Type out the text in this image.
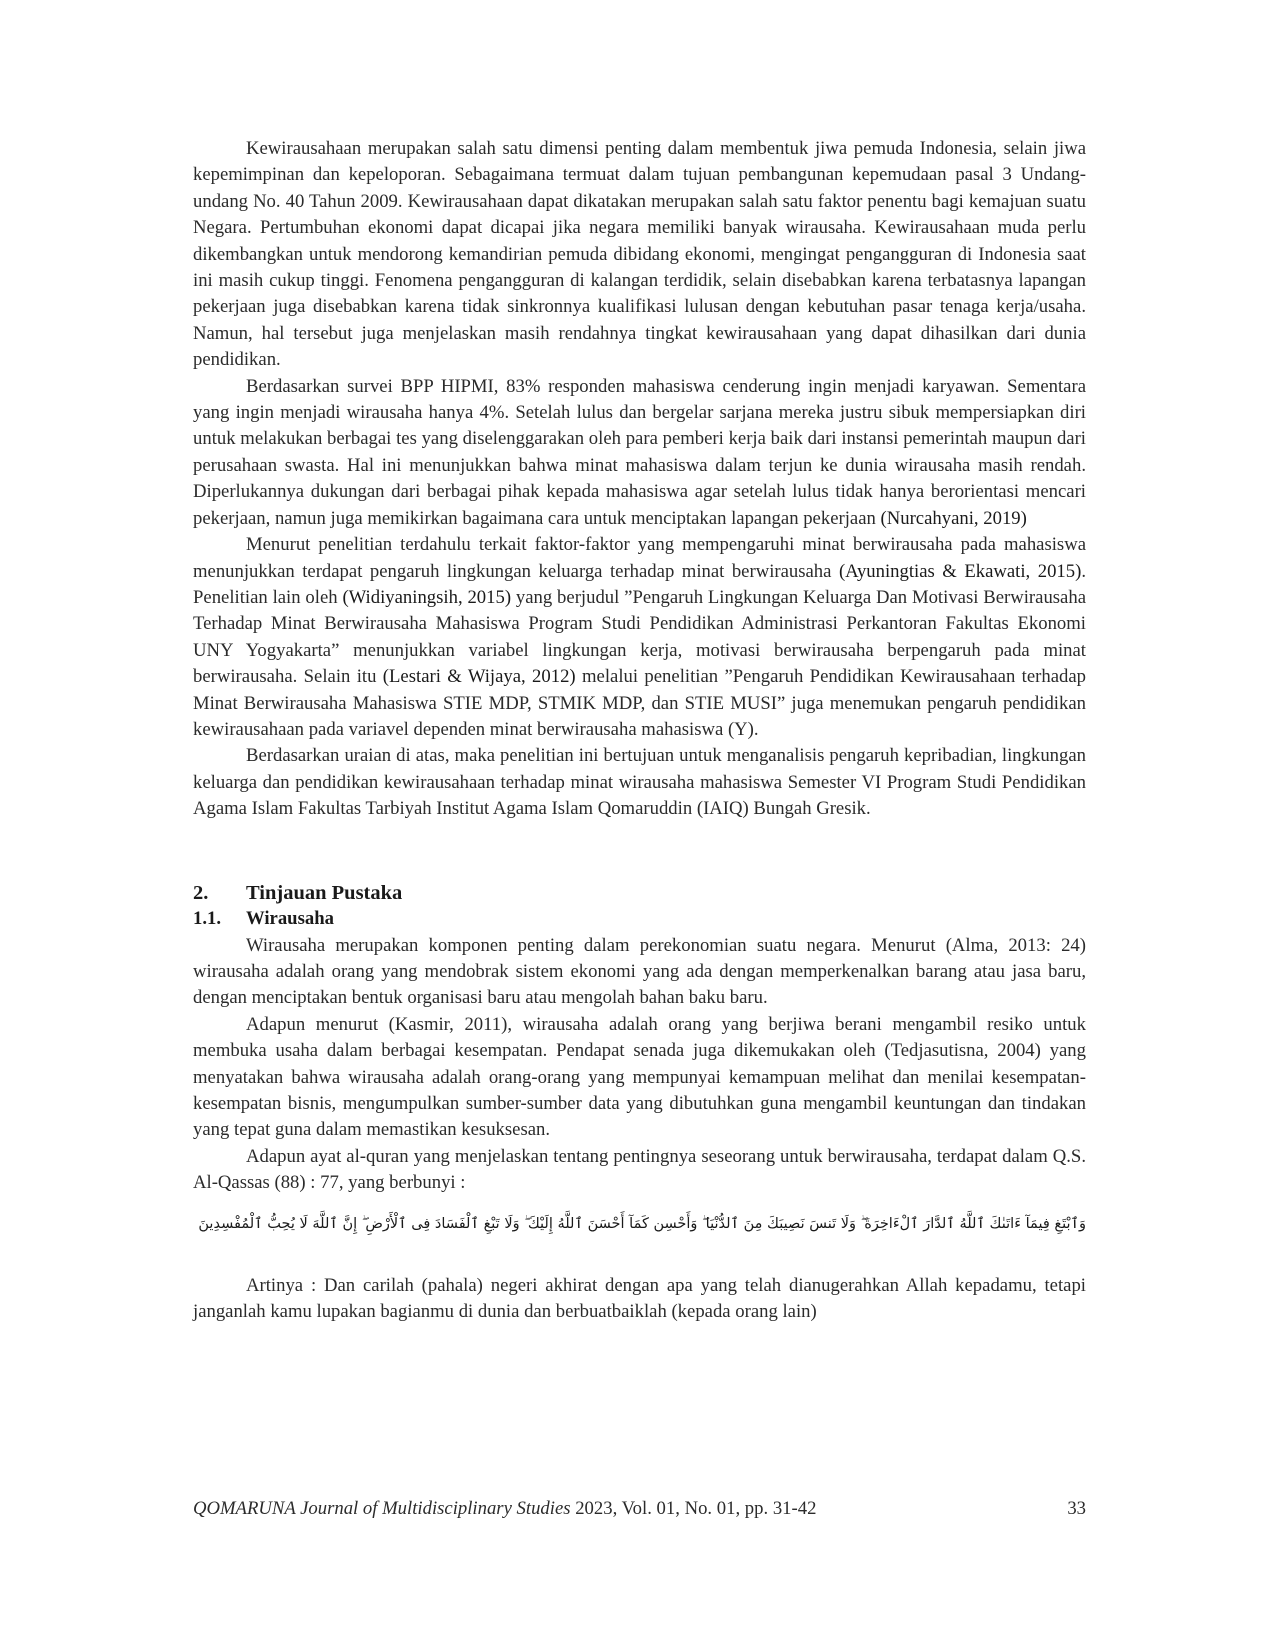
Kewirausahaan merupakan salah satu dimensi penting dalam membentuk jiwa pemuda Indonesia, selain jiwa kepemimpinan dan kepeloporan. Sebagaimana termuat dalam tujuan pembangunan kepemudaan pasal 3 Undang-undang No. 40 Tahun 2009. Kewirausahaan dapat dikatakan merupakan salah satu faktor penentu bagi kemajuan suatu Negara. Pertumbuhan ekonomi dapat dicapai jika negara memiliki banyak wirausaha. Kewirausahaan muda perlu dikembangkan untuk mendorong kemandirian pemuda dibidang ekonomi, mengingat pengangguran di Indonesia saat ini masih cukup tinggi. Fenomena pengangguran di kalangan terdidik, selain disebabkan karena terbatasnya lapangan pekerjaan juga disebabkan karena tidak sinkronnya kualifikasi lulusan dengan kebutuhan pasar tenaga kerja/usaha. Namun, hal tersebut juga menjelaskan masih rendahnya tingkat kewirausahaan yang dapat dihasilkan dari dunia pendidikan.

Berdasarkan survei BPP HIPMI, 83% responden mahasiswa cenderung ingin menjadi karyawan. Sementara yang ingin menjadi wirausaha hanya 4%. Setelah lulus dan bergelar sarjana mereka justru sibuk mempersiapkan diri untuk melakukan berbagai tes yang diselenggarakan oleh para pemberi kerja baik dari instansi pemerintah maupun dari perusahaan swasta. Hal ini menunjukkan bahwa minat mahasiswa dalam terjun ke dunia wirausaha masih rendah. Diperlukannya dukungan dari berbagai pihak kepada mahasiswa agar setelah lulus tidak hanya berorientasi mencari pekerjaan, namun juga memikirkan bagaimana cara untuk menciptakan lapangan pekerjaan (Nurcahyani, 2019)

Menurut penelitian terdahulu terkait faktor-faktor yang mempengaruhi minat berwirausaha pada mahasiswa menunjukkan terdapat pengaruh lingkungan keluarga terhadap minat berwirausaha (Ayuningtias & Ekawati, 2015). Penelitian lain oleh (Widiyaningsih, 2015) yang berjudul ”Pengaruh Lingkungan Keluarga Dan Motivasi Berwirausaha Terhadap Minat Berwirausaha Mahasiswa Program Studi Pendidikan Administrasi Perkantoran Fakultas Ekonomi UNY Yogyakarta” menunjukkan variabel lingkungan kerja, motivasi berwirausaha berpengaruh pada minat berwirausaha. Selain itu (Lestari & Wijaya, 2012) melalui penelitian ”Pengaruh Pendidikan Kewirausahaan terhadap Minat Berwirausaha Mahasiswa STIE MDP, STMIK MDP, dan STIE MUSI” juga menemukan pengaruh pendidikan kewirausahaan pada variavel dependen minat berwirausaha mahasiswa (Y).

Berdasarkan uraian di atas, maka penelitian ini bertujuan untuk menganalisis pengaruh kepribadian, lingkungan keluarga dan pendidikan kewirausahaan terhadap minat wirausaha mahasiswa Semester VI Program Studi Pendidikan Agama Islam Fakultas Tarbiyah Institut Agama Islam Qomaruddin (IAIQ) Bungah Gresik.

2.	Tinjauan Pustaka
1.1.	Wirausaha

Wirausaha merupakan komponen penting dalam perekonomian suatu negara. Menurut (Alma, 2013: 24) wirausaha adalah orang yang mendobrak sistem ekonomi yang ada dengan memperkenalkan barang atau jasa baru, dengan menciptakan bentuk organisasi baru atau mengolah bahan baku baru.

Adapun menurut (Kasmir, 2011), wirausaha adalah orang yang berjiwa berani mengambil resiko untuk membuka usaha dalam berbagai kesempatan. Pendapat senada juga dikemukakan oleh (Tedjasutisna, 2004) yang menyatakan bahwa wirausaha adalah orang-orang yang mempunyai kemampuan melihat dan menilai kesempatan-kesempatan bisnis, mengumpulkan sumber-sumber data yang dibutuhkan guna mengambil keuntungan dan tindakan yang tepat guna dalam memastikan kesuksesan.

Adapun ayat al-quran yang menjelaskan tentang pentingnya seseorang untuk berwirausaha, terdapat dalam Q.S. Al-Qassas (88) : 77, yang berbunyi :

وَٱبْتَغِ فِيمَآ ءَاتَىٰكَ ٱللَّهُ ٱلدَّارَ ٱلْءَاخِرَةَ ۖ وَلَا تَنسَ نَصِيبَكَ مِنَ ٱلدُّنْيَا ۖ وَأَحْسِن كَمَآ أَحْسَنَ ٱللَّهُ إِلَيْكَ ۖ وَلَا تَبْغِ ٱلْفَسَادَ فِى ٱلْأَرْضِ ۖ إِنَّ ٱللَّهَ لَا يُحِبُّ ٱلْمُفْسِدِينَ

Artinya : Dan carilah (pahala) negeri akhirat dengan apa yang telah dianugerahkan Allah kepadamu, tetapi janganlah kamu lupakan bagianmu di dunia dan berbuatbaiklah (kepada orang lain)

QOMARUNA Journal of Multidisciplinary Studies 2023, Vol. 01, No. 01, pp. 31-42	33
